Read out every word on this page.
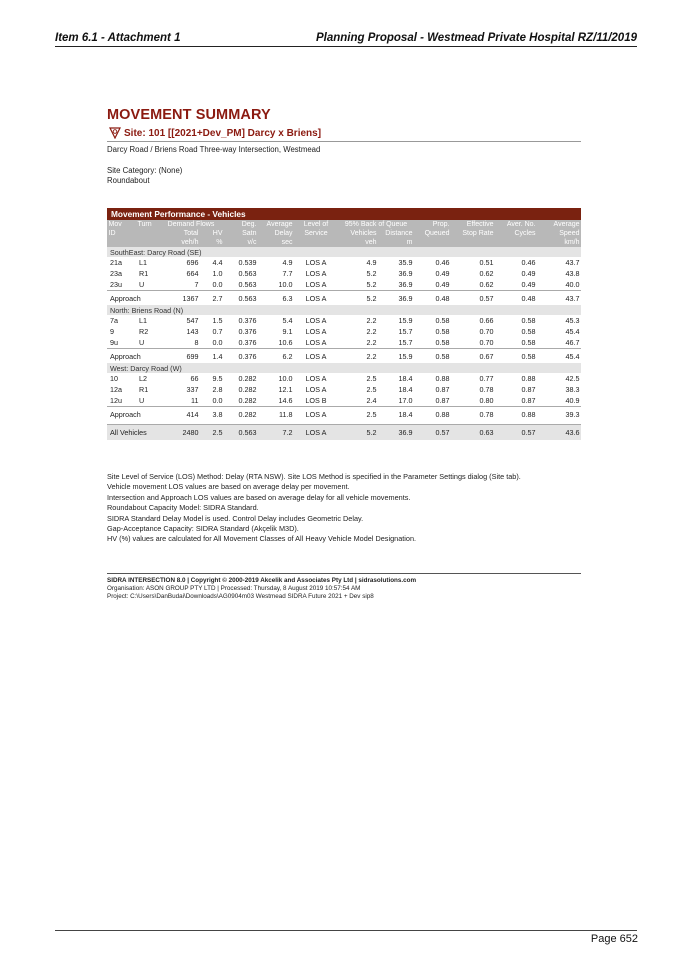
Item 6.1 - Attachment 1	Planning Proposal - Westmead Private Hospital RZ/11/2019
MOVEMENT SUMMARY
Site: 101 [[2021+Dev_PM] Darcy x Briens]
Darcy Road / Briens Road Three-way Intersection, Westmead
Site Category: (None)
Roundabout
Movement Performance - Vehicles												
Mov	Turn	Demand Flows		Deg.	Average	Level of	95% Back of Queue		Prop.	Effective	Aver. No.	Average
ID		Total	HV	Satn	Delay	Service	Vehicles	Distance	Queued	Stop Rate	Cycles	Speed
		veh/h	%	v/c	sec		veh	m				km/h
SouthEast: Darcy Road (SE)												
21a	L1	696	4.4	0.539	4.9	LOS A	4.9	35.9	0.46	0.51	0.46	43.7
23a	R1	664	1.0	0.563	7.7	LOS A	5.2	36.9	0.49	0.62	0.49	43.8
23u	U	7	0.0	0.563	10.0	LOS A	5.2	36.9	0.49	0.62	0.49	40.0
Approach		1367	2.7	0.563	6.3	LOS A	5.2	36.9	0.48	0.57	0.48	43.7
North: Briens Road (N)												
7a	L1	547	1.5	0.376	5.4	LOS A	2.2	15.9	0.58	0.66	0.58	45.3
9	R2	143	0.7	0.376	9.1	LOS A	2.2	15.7	0.58	0.70	0.58	45.4
9u	U	8	0.0	0.376	10.6	LOS A	2.2	15.7	0.58	0.70	0.58	46.7
Approach		699	1.4	0.376	6.2	LOS A	2.2	15.9	0.58	0.67	0.58	45.4
West: Darcy Road (W)												
10	L2	66	9.5	0.282	10.0	LOS A	2.5	18.4	0.88	0.77	0.88	42.5
12a	R1	337	2.8	0.282	12.1	LOS A	2.5	18.4	0.87	0.78	0.87	38.3
12u	U	11	0.0	0.282	14.6	LOS B	2.4	17.0	0.87	0.80	0.87	40.9
Approach		414	3.8	0.282	11.8	LOS A	2.5	18.4	0.88	0.78	0.88	39.3

All Vehicles		2480	2.5	0.563	7.2	LOS A	5.2	36.9	0.57	0.63	0.57	43.6
Site Level of Service (LOS) Method: Delay (RTA NSW). Site LOS Method is specified in the Parameter Settings dialog (Site tab).
Vehicle movement LOS values are based on average delay per movement.
Intersection and Approach LOS values are based on average delay for all vehicle movements.
Roundabout Capacity Model: SIDRA Standard.
SIDRA Standard Delay Model is used. Control Delay includes Geometric Delay.
Gap-Acceptance Capacity: SIDRA Standard (Akçelik M3D).
HV (%) values are calculated for All Movement Classes of All Heavy Vehicle Model Designation.
SIDRA INTERSECTION 8.0 | Copyright © 2000-2019 Akcelik and Associates Pty Ltd | sidrasolutions.com
Organisation: ASON GROUP PTY LTD | Processed: Thursday, 8 August 2019 10:57:54 AM
Project: C:\Users\DanBudai\Downloads\AG0904m03 Westmead SIDRA Future 2021 + Dev sip8
Page 652
